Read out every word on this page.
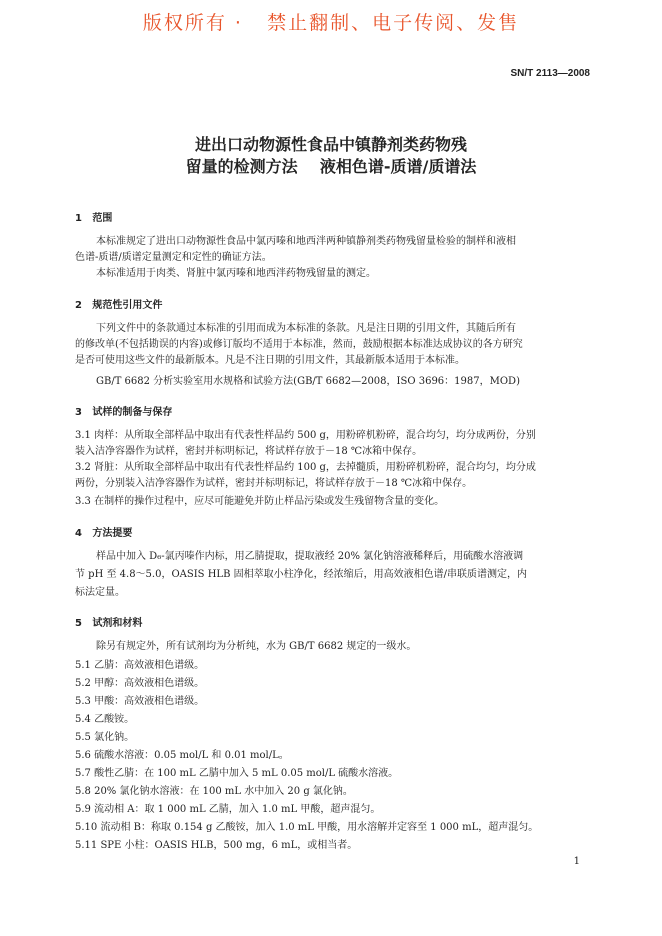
版权所有 ·   禁止翻制、电子传阅、发售
SN/T 2113—2008
进出口动物源性食品中镇静剂类药物残
留量的检测方法    液相色谱-质谱/质谱法
1   范围
本标准规定了进出口动物源性食品中氯丙嗪和地西泮两种镇静剂类药物残留量检验的制样和液相
色谱-质谱/质谱定量测定和定性的确证方法。
本标准适用于肉类、肾脏中氯丙嗪和地西泮药物残留量的测定。
2   规范性引用文件
下列文件中的条款通过本标准的引用而成为本标准的条款。凡是注日期的引用文件，其随后所有
的修改单(不包括勘误的内容)或修订版均不适用于本标准，然而，鼓励根据本标准达成协议的各方研究
是否可使用这些文件的最新版本。凡是不注日期的引用文件，其最新版本适用于本标准。
GB/T 6682 分析实验室用水规格和试验方法(GB/T 6682—2008，ISO 3696：1987，MOD)
3   试样的制备与保存
3.1 肉样：从所取全部样品中取出有代表性样品约 500 g，用粉碎机粉碎，混合均匀，均分成两份，分别
装入洁净容器作为试样，密封并标明标记，将试样存放于－18 ℃冰箱中保存。
3.2 肾脏：从所取全部样品中取出有代表性样品约 100 g，去掉髓质，用粉碎机粉碎，混合均匀，均分成
两份，分别装入洁净容器作为试样，密封并标明标记，将试样存放于－18 ℃冰箱中保存。
3.3 在制样的操作过程中，应尽可能避免并防止样品污染或发生残留物含量的变化。
4   方法提要
样品中加入 D₆-氯丙嗪作内标，用乙腈提取，提取液经 20% 氯化钠溶液稀释后，用硫酸水溶液调
节 pH 至 4.8～5.0，OASIS HLB 固相萃取小柱净化，经浓缩后，用高效液相色谱/串联质谱测定，内
标法定量。
5   试剂和材料
除另有规定外，所有试剂均为分析纯，水为 GB/T 6682 规定的一级水。
5.1 乙腈：高效液相色谱级。
5.2 甲醇：高效液相色谱级。
5.3 甲酸：高效液相色谱级。
5.4 乙酸铵。
5.5 氯化钠。
5.6 硫酸水溶液：0.05 mol/L 和 0.01 mol/L。
5.7 酸性乙腈：在 100 mL 乙腈中加入 5 mL 0.05 mol/L 硫酸水溶液。
5.8 20% 氯化钠水溶液：在 100 mL 水中加入 20 g 氯化钠。
5.9 流动相 A：取 1 000 mL 乙腈，加入 1.0 mL 甲酸，超声混匀。
5.10 流动相 B：称取 0.154 g 乙酸铵，加入 1.0 mL 甲酸，用水溶解并定容至 1 000 mL，超声混匀。
5.11 SPE 小柱：OASIS HLB，500 mg，6 mL，或相当者。
1
